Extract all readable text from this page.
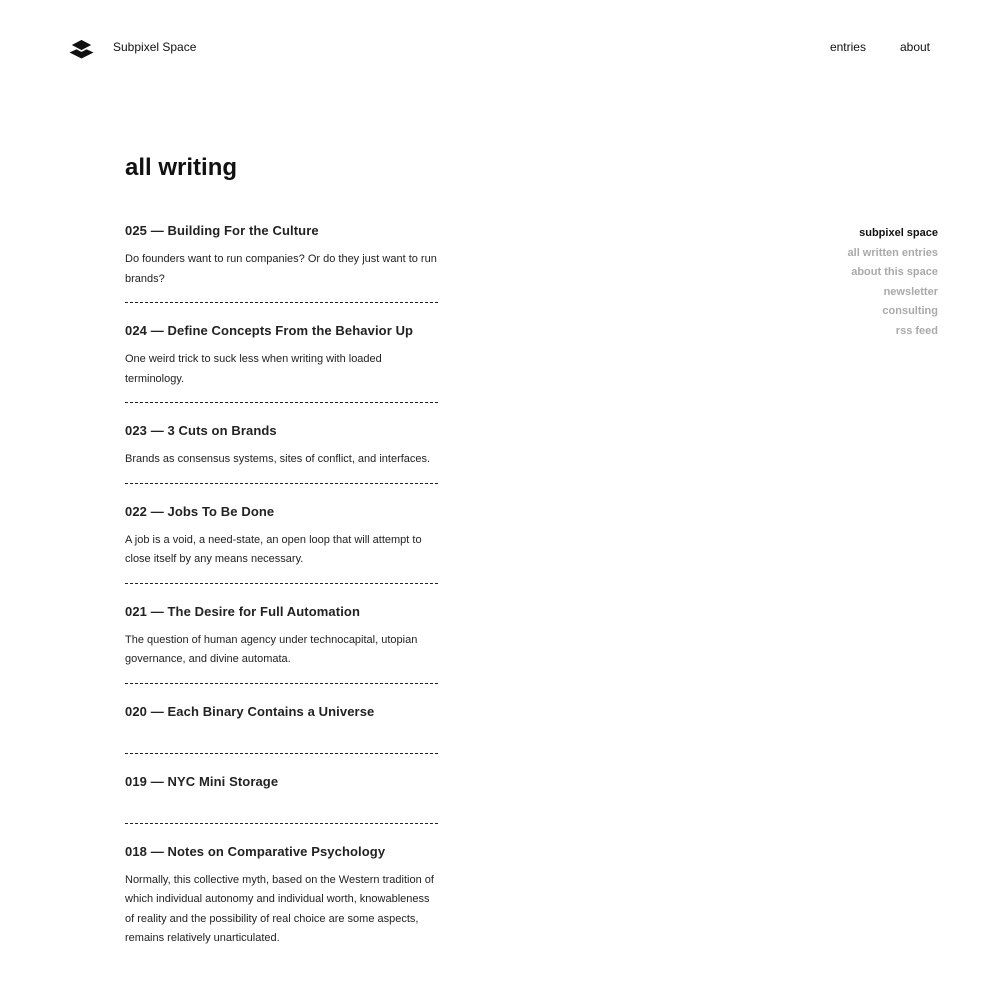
Subpixel Space	entries	about
all writing
025 — Building For the Culture

Do founders want to run companies? Or do they just want to run brands?

024 — Define Concepts From the Behavior Up

One weird trick to suck less when writing with loaded terminology.

023 — 3 Cuts on Brands

Brands as consensus systems, sites of conflict, and interfaces.

022 — Jobs To Be Done

A job is a void, a need-state, an open loop that will attempt to close itself by any means necessary.

021 — The Desire for Full Automation

The question of human agency under technocapital, utopian governance, and divine automata.

020 — Each Binary Contains a Universe
019 — NYC Mini Storage
018 — Notes on Comparative Psychology

Normally, this collective myth, based on the Western tradition of which individual autonomy and individual worth, knowableness of reality and the possibility of real choice are some aspects, remains relatively unarticulated.

subpixel space
all written entries
about this space
newsletter
consulting
rss feed
